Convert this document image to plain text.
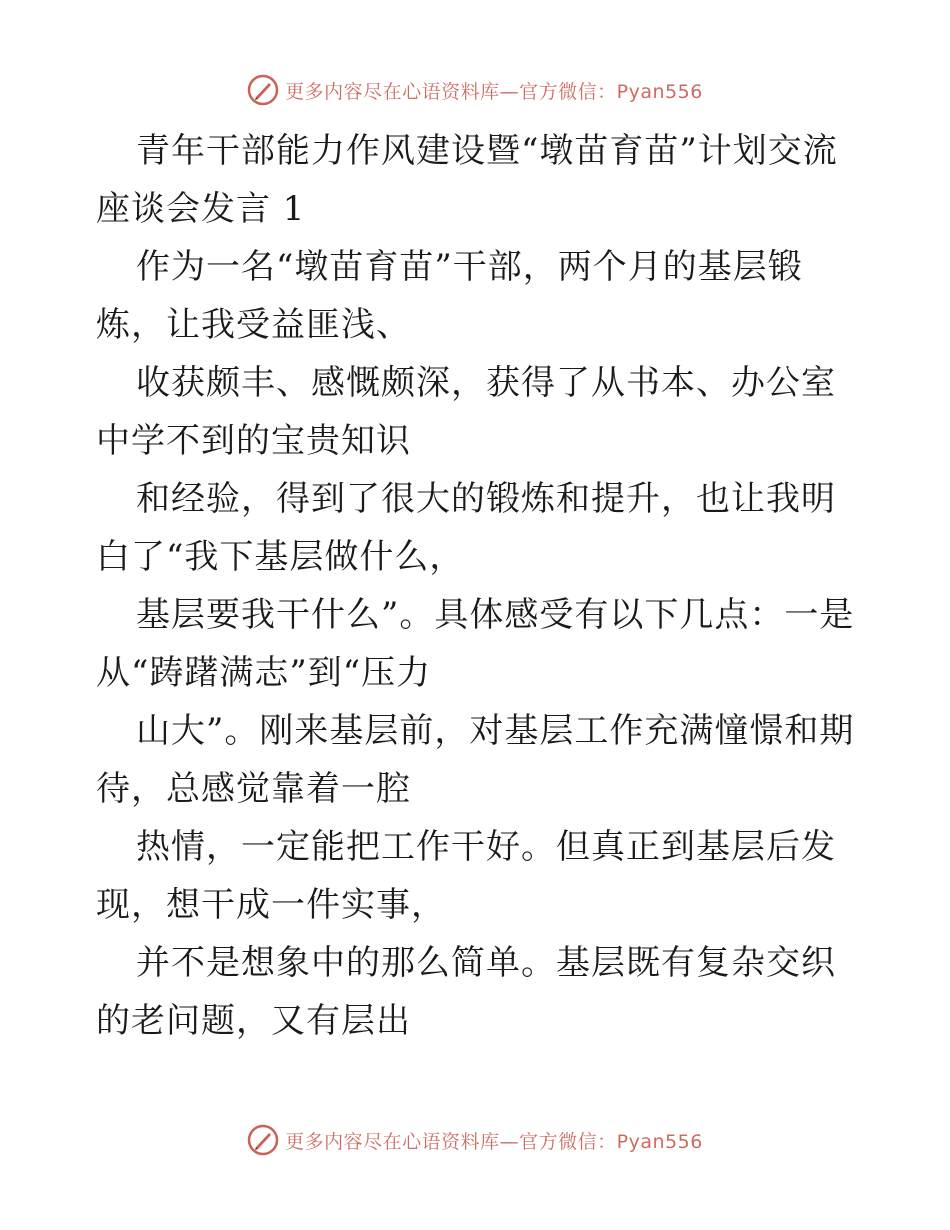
更多内容尽在心语资料库—官方微信：Pyan556

青年干部能力作风建设暨“墩苗育苗”计划交流座谈会发言 1

作为一名“墩苗育苗”干部，两个月的基层锻炼，让我受益匪浅、

收获颇丰、感慨颇深，获得了从书本、办公室中学不到的宝贵知识

和经验，得到了很大的锻炼和提升，也让我明白了“我下基层做什么，

基层要我干什么”。具体感受有以下几点：一是从“踌躇满志”到“压力

山大”。刚来基层前，对基层工作充满憧憬和期待，总感觉靠着一腔

热情，一定能把工作干好。但真正到基层后发现，想干成一件实事，

并不是想象中的那么简单。基层既有复杂交织的老问题，又有层出

更多内容尽在心语资料库—官方微信：Pyan556
